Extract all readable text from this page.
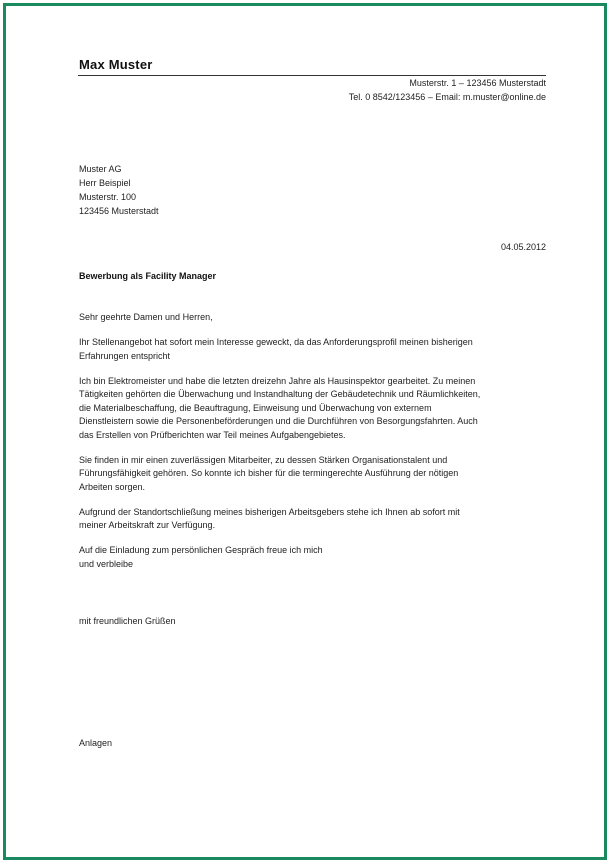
Max Muster
Musterstr. 1 – 123456 Musterstadt
Tel. 0 8542/123456 – Email: m.muster@online.de
Muster AG
Herr Beispiel
Musterstr. 100
123456 Musterstadt
04.05.2012
Bewerbung als Facility Manager

Sehr geehrte Damen und Herren,

Ihr Stellenangebot hat sofort mein Interesse geweckt, da das Anforderungsprofil meinen bisherigen
Erfahrungen entspricht

Ich bin Elektromeister und habe die letzten dreizehn Jahre als Hausinspektor gearbeitet. Zu meinen
Tätigkeiten gehörten die Überwachung und Instandhaltung der Gebäudetechnik und Räumlichkeiten,
die Materialbeschaffung, die Beauftragung, Einweisung und Überwachung von externem
Dienstleistern sowie die Personenbeförderungen und die Durchführen von Besorgungsfahrten. Auch
das Erstellen von Prüfberichten war Teil meines Aufgabengebietes.

Sie finden in mir einen zuverlässigen Mitarbeiter, zu dessen Stärken Organisationstalent und
Führungsfähigkeit gehören. So konnte ich bisher für die termingerechte Ausführung der nötigen
Arbeiten sorgen.

Aufgrund der Standortschließung meines bisherigen Arbeitsgebers stehe ich Ihnen ab sofort mit
meiner Arbeitskraft zur Verfügung.

Auf die Einladung zum persönlichen Gespräch freue ich mich
und verbleibe

mit freundlichen Grüßen
Anlagen
